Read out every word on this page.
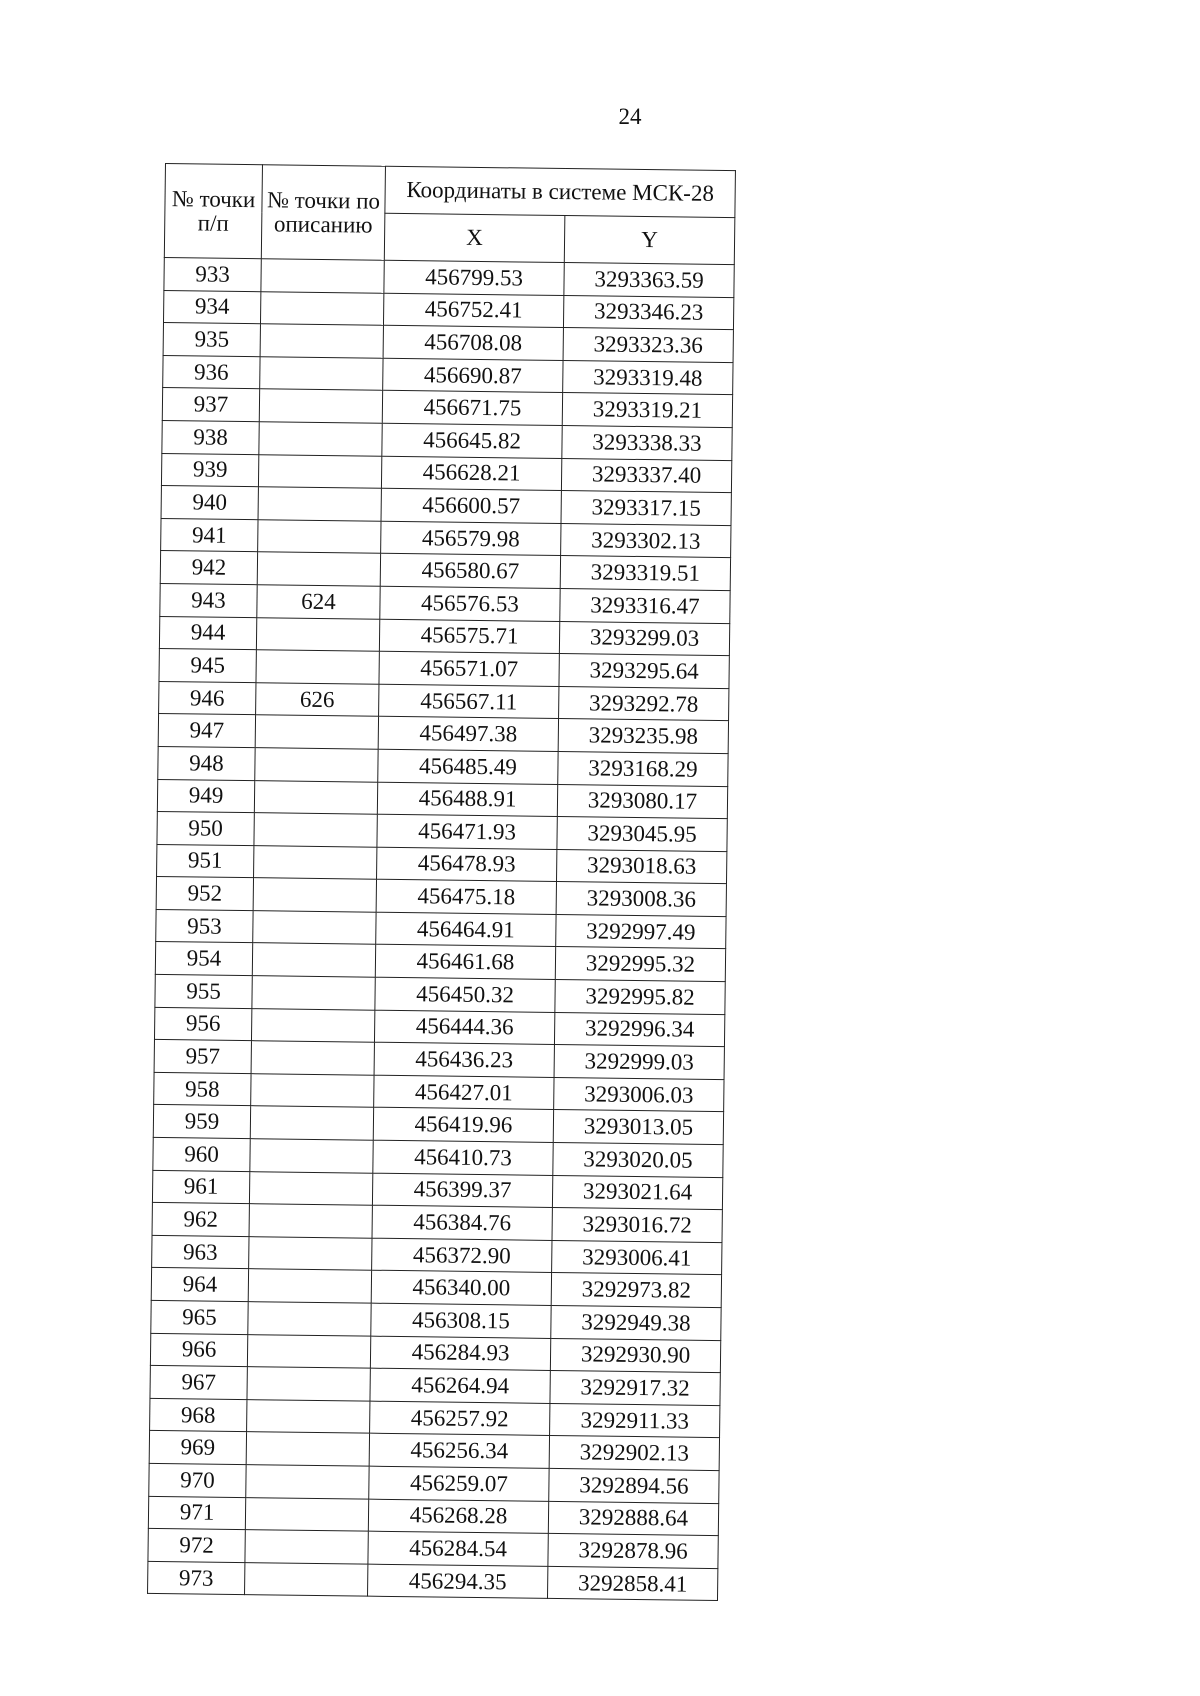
24
№ точки п/п	№ точки по описанию	Координаты в системе МСК-28	
		X	Y
933		456799.53	3293363.59
934		456752.41	3293346.23
935		456708.08	3293323.36
936		456690.87	3293319.48
937		456671.75	3293319.21
938		456645.82	3293338.33
939		456628.21	3293337.40
940		456600.57	3293317.15
941		456579.98	3293302.13
942		456580.67	3293319.51
943	624	456576.53	3293316.47
944		456575.71	3293299.03
945		456571.07	3293295.64
946	626	456567.11	3293292.78
947		456497.38	3293235.98
948		456485.49	3293168.29
949		456488.91	3293080.17
950		456471.93	3293045.95
951		456478.93	3293018.63
952		456475.18	3293008.36
953		456464.91	3292997.49
954		456461.68	3292995.32
955		456450.32	3292995.82
956		456444.36	3292996.34
957		456436.23	3292999.03
958		456427.01	3293006.03
959		456419.96	3293013.05
960		456410.73	3293020.05
961		456399.37	3293021.64
962		456384.76	3293016.72
963		456372.90	3293006.41
964		456340.00	3292973.82
965		456308.15	3292949.38
966		456284.93	3292930.90
967		456264.94	3292917.32
968		456257.92	3292911.33
969		456256.34	3292902.13
970		456259.07	3292894.56
971		456268.28	3292888.64
972		456284.54	3292878.96
973		456294.35	3292858.41
